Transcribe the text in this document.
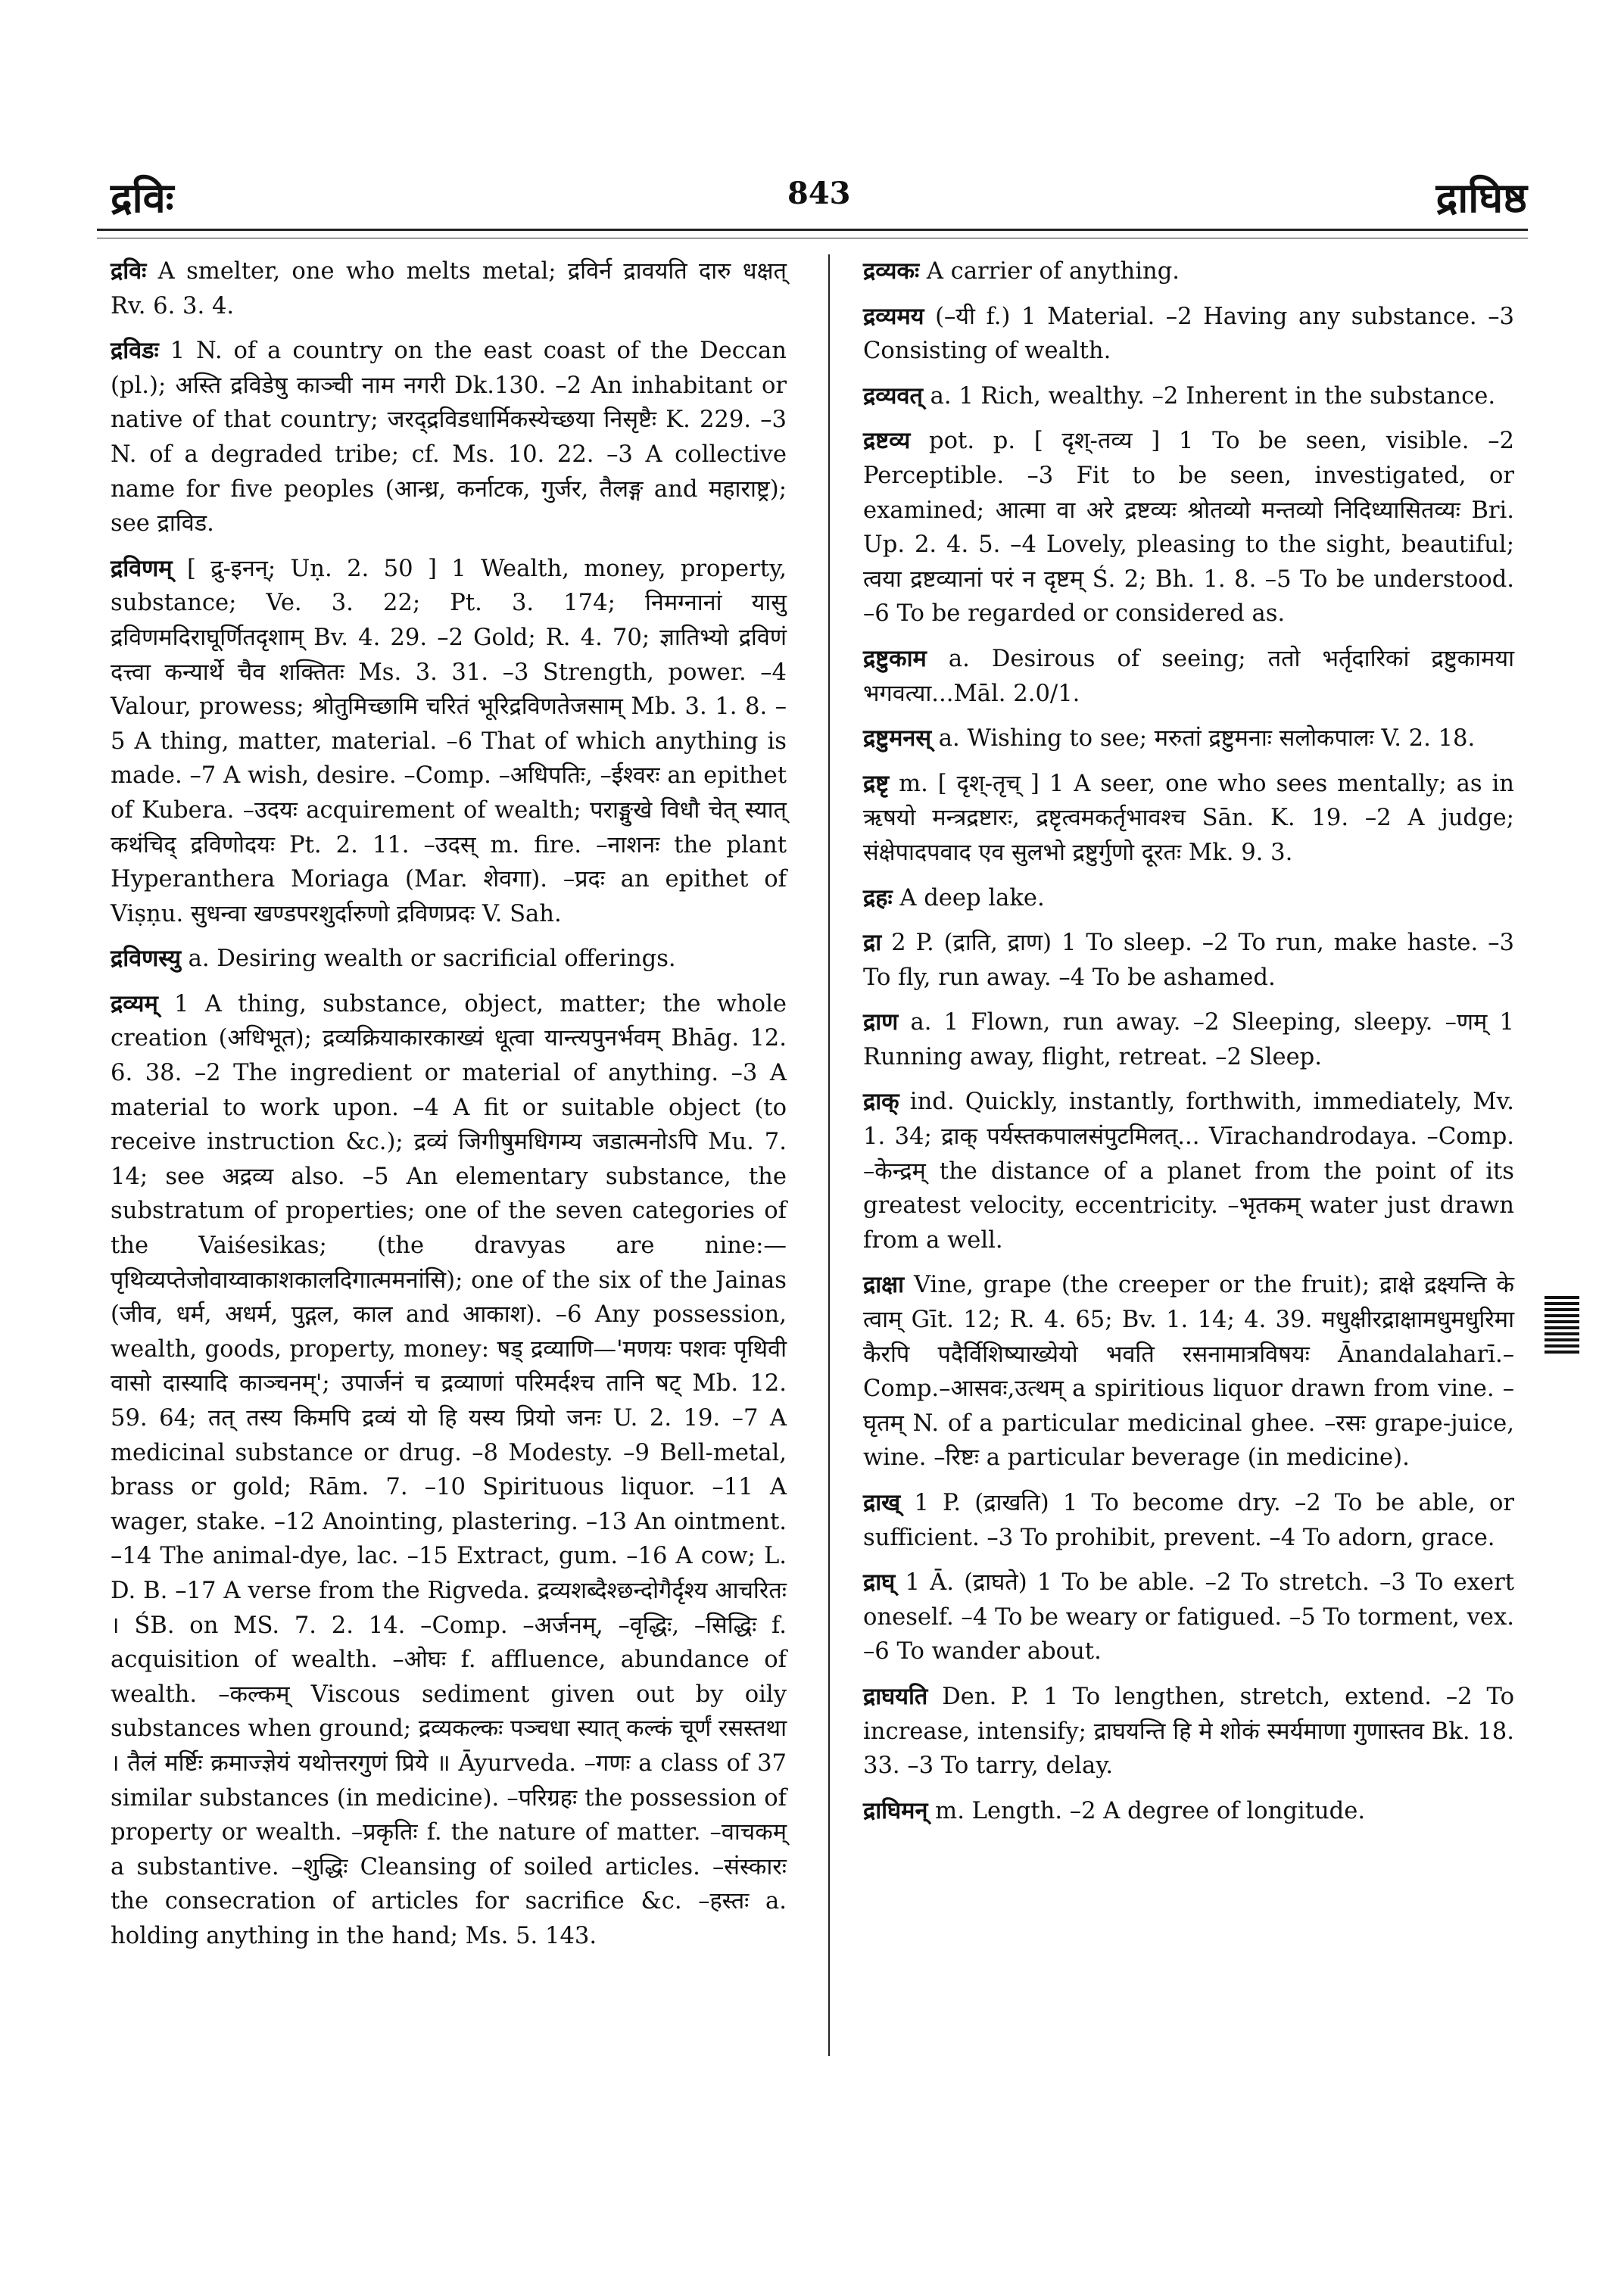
द्रविः	843	द्राघिष्ठ

द्रविः A smelter, one who melts metal; द्रविर्न द्रावयति दारु धक्षत् Rv. 6. 3. 4.

द्रविडः 1 N. of a country on the east coast of the Deccan (pl.); अस्ति द्रविडेषु काञ्ची नाम नगरी Dk.130. –2 An inhabitant or native of that country; जरद्द्रविडधार्मिकस्येच्छया निसृष्टैः K. 229. –3 N. of a degraded tribe; cf. Ms. 10. 22. –3 A collective name for five peoples (आन्ध्र, कर्नाटक, गुर्जर, तैलङ्ग and महाराष्ट्र); see द्राविड.

द्रविणम् [ द्रु-इनन्; Uṇ. 2. 50 ] 1 Wealth, money, property, substance; Ve. 3. 22; Pt. 3. 174; निमग्नानां यासु द्रविणमदिराघूर्णितदृशाम् Bv. 4. 29. –2 Gold; R. 4. 70; ज्ञातिभ्यो द्रविणं दत्त्वा कन्यार्थे चैव शक्तितः Ms. 3. 31. –3 Strength, power. –4 Valour, prowess; श्रोतुमिच्छामि चरितं भूरिद्रविणतेजसाम् Mb. 3. 1. 8. –5 A thing, matter, material. –6 That of which anything is made. –7 A wish, desire. –Comp. –अधिपतिः, –ईश्वरः an epithet of Kubera. –उदयः acquirement of wealth; पराङ्मुखे विधौ चेत् स्यात् कथंचिद् द्रविणोदयः Pt. 2. 11. –उदस् m. fire. –नाशनः the plant Hyperanthera Moriaga (Mar. शेवगा). –प्रदः an epithet of Viṣṇu. सुधन्वा खण्डपरशुर्दारुणो द्रविणप्रदः V. Sah.

द्रविणस्यु a. Desiring wealth or sacrificial offerings.

द्रव्यम् 1 A thing, substance, object, matter; the whole creation (अधिभूत); द्रव्यक्रियाकारकाख्यं धूत्वा यान्त्यपुनर्भवम् Bhāg. 12. 6. 38. –2 The ingredient or material of anything. –3 A material to work upon. –4 A fit or suitable object (to receive instruction &c.); द्रव्यं जिगीषुमधिगम्य जडात्मनोऽपि Mu. 7. 14; see अद्रव्य also. –5 An elementary substance, the substratum of properties; one of the seven categories of the Vaiśesikas; (the dravyas are nine:—पृथिव्यप्तेजोवाय्वाकाशकालदिगात्ममनांसि); one of the six of the Jainas (जीव, धर्म, अधर्म, पुद्गल, काल and आकाश). –6 Any possession, wealth, goods, property, money: षड् द्रव्याणि—'मणयः पशवः पृथिवी वासो दास्यादि काञ्चनम्'; उपार्जनं च द्रव्याणां परिमर्दश्च तानि षट् Mb. 12. 59. 64; तत् तस्य किमपि द्रव्यं यो हि यस्य प्रियो जनः U. 2. 19. –7 A medicinal substance or drug. –8 Modesty. –9 Bell-metal, brass or gold; Rām. 7. –10 Spirituous liquor. –11 A wager, stake. –12 Anointing, plastering. –13 An ointment. –14 The animal-dye, lac. –15 Extract, gum. –16 A cow; L. D. B. –17 A verse from the Rigveda. द्रव्यशब्दैश्छन्दोगैर्दृश्य आचरितः । ŚB. on MS. 7. 2. 14. –Comp. –अर्जनम्, –वृद्धिः, –सिद्धिः f. acquisition of wealth. –ओघः f. affluence, abundance of wealth. –कल्कम् Viscous sediment given out by oily substances when ground; द्रव्यकल्कः पञ्चधा स्यात् कल्कं चूर्णं रसस्तथा । तैलं मर्ष्टिः क्रमाज्ज्ञेयं यथोत्तरगुणं प्रिये ॥ Āyurveda. –गणः a class of 37 similar substances (in medicine). –परिग्रहः the possession of property or wealth. –प्रकृतिः f. the nature of matter. –वाचकम् a substantive. –शुद्धिः Cleansing of soiled articles. –संस्कारः the consecration of articles for sacrifice &c. –हस्तः a. holding anything in the hand; Ms. 5. 143.

द्रव्यकः A carrier of anything.

द्रव्यमय (–यी f.) 1 Material. –2 Having any substance. –3 Consisting of wealth.

द्रव्यवत् a. 1 Rich, wealthy. –2 Inherent in the substance.

द्रष्टव्य pot. p. [ दृश्-तव्य ] 1 To be seen, visible. –2 Perceptible. –3 Fit to be seen, investigated, or examined; आत्मा वा अरे द्रष्टव्यः श्रोतव्यो मन्तव्यो निदिध्यासितव्यः Bri. Up. 2. 4. 5. –4 Lovely, pleasing to the sight, beautiful; त्वया द्रष्टव्यानां परं न दृष्टम् Ś. 2; Bh. 1. 8. –5 To be understood. –6 To be regarded or considered as.

द्रष्टुकाम a. Desirous of seeing; ततो भर्तृदारिकां द्रष्टुकामया भगवत्या...Māl. 2.0/1.

द्रष्टुमनस् a. Wishing to see; मरुतां द्रष्टुमनाः सलोकपालः V. 2. 18.

द्रष्टृ m. [ दृश्-तृच् ] 1 A seer, one who sees mentally; as in ऋषयो मन्त्रद्रष्टारः, द्रष्टृत्वमकर्तृभावश्च Sān. K. 19. –2 A judge; संक्षेपादपवाद एव सुलभो द्रष्टुर्गुणो दूरतः Mk. 9. 3.

द्रहः A deep lake.

द्रा 2 P. (द्राति, द्राण) 1 To sleep. –2 To run, make haste. –3 To fly, run away. –4 To be ashamed.

द्राण a. 1 Flown, run away. –2 Sleeping, sleepy. –णम् 1 Running away, flight, retreat. –2 Sleep.

द्राक् ind. Quickly, instantly, forthwith, immediately, Mv. 1. 34; द्राक् पर्यस्तकपालसंपुटमिलत्... Vīrachandrodaya. –Comp. –केन्द्रम् the distance of a planet from the point of its greatest velocity, eccentricity. –भृतकम् water just drawn from a well.

द्राक्षा Vine, grape (the creeper or the fruit); द्राक्षे द्रक्ष्यन्ति के त्वाम् Gīt. 12; R. 4. 65; Bv. 1. 14; 4. 39. मधुक्षीरद्राक्षामधुमधुरिमा कैरपि पदैर्विशिष्याख्येयो भवति रसनामात्रविषयः Ānandalaharī.–Comp.–आसवः,उत्थम् a spiritious liquor drawn from vine. –घृतम् N. of a particular medicinal ghee. –रसः grape-juice, wine. –रिष्टः a particular beverage (in medicine).

द्राख् 1 P. (द्राखति) 1 To become dry. –2 To be able, or sufficient. –3 To prohibit, prevent. –4 To adorn, grace.

द्राघ् 1 Ā. (द्राघते) 1 To be able. –2 To stretch. –3 To exert oneself. –4 To be weary or fatigued. –5 To torment, vex. –6 To wander about.

द्राघयति Den. P. 1 To lengthen, stretch, extend. –2 To increase, intensify; द्राघयन्ति हि मे शोकं स्मर्यमाणा गुणास्तव Bk. 18. 33. –3 To tarry, delay.

द्राघिमन् m. Length. –2 A degree of longitude.
